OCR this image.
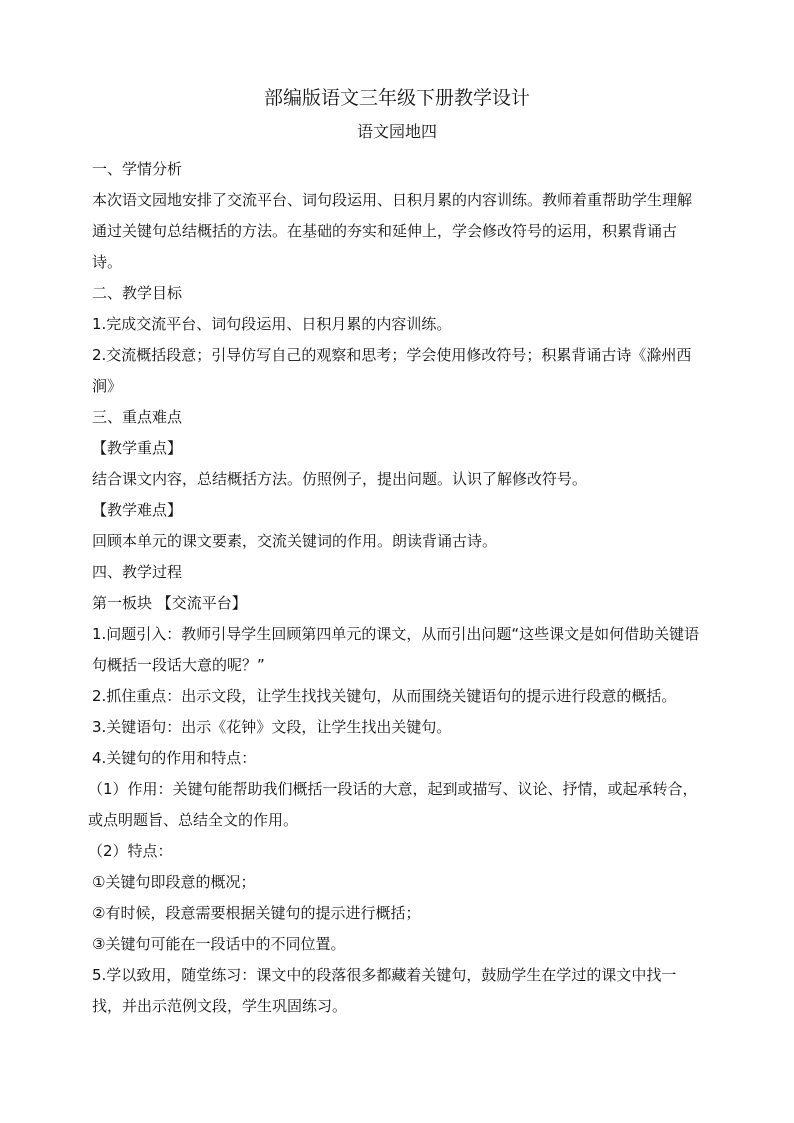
部编版语文三年级下册教学设计
语文园地四

一、学情分析

本次语文园地安排了交流平台、词句段运用、日积月累的内容训练。教师着重帮助学生理解通过关键句总结概括的方法。在基础的夯实和延伸上，学会修改符号的运用，积累背诵古诗。

二、教学目标

1.完成交流平台、词句段运用、日积月累的内容训练。

2.交流概括段意；引导仿写自己的观察和思考；学会使用修改符号；积累背诵古诗《滁州西涧》

三、重点难点

【教学重点】

结合课文内容，总结概括方法。仿照例子，提出问题。认识了解修改符号。

【教学难点】

回顾本单元的课文要素，交流关键词的作用。朗读背诵古诗。

四、教学过程

第一板块 【交流平台】

1.问题引入：教师引导学生回顾第四单元的课文，从而引出问题“这些课文是如何借助关键语句概括一段话大意的呢？”

2.抓住重点：出示文段，让学生找找关键句，从而围绕关键语句的提示进行段意的概括。

3.关键语句：出示《花钟》文段，让学生找出关键句。

4.关键句的作用和特点：

（1）作用：关键句能帮助我们概括一段话的大意，起到或描写、议论、抒情，或起承转合，或点明题旨、总结全文的作用。

（2）特点：

①关键句即段意的概况；

②有时候，段意需要根据关键句的提示进行概括；

③关键句可能在一段话中的不同位置。

5.学以致用，随堂练习：课文中的段落很多都藏着关键句，鼓励学生在学过的课文中找一找，并出示范例文段，学生巩固练习。
